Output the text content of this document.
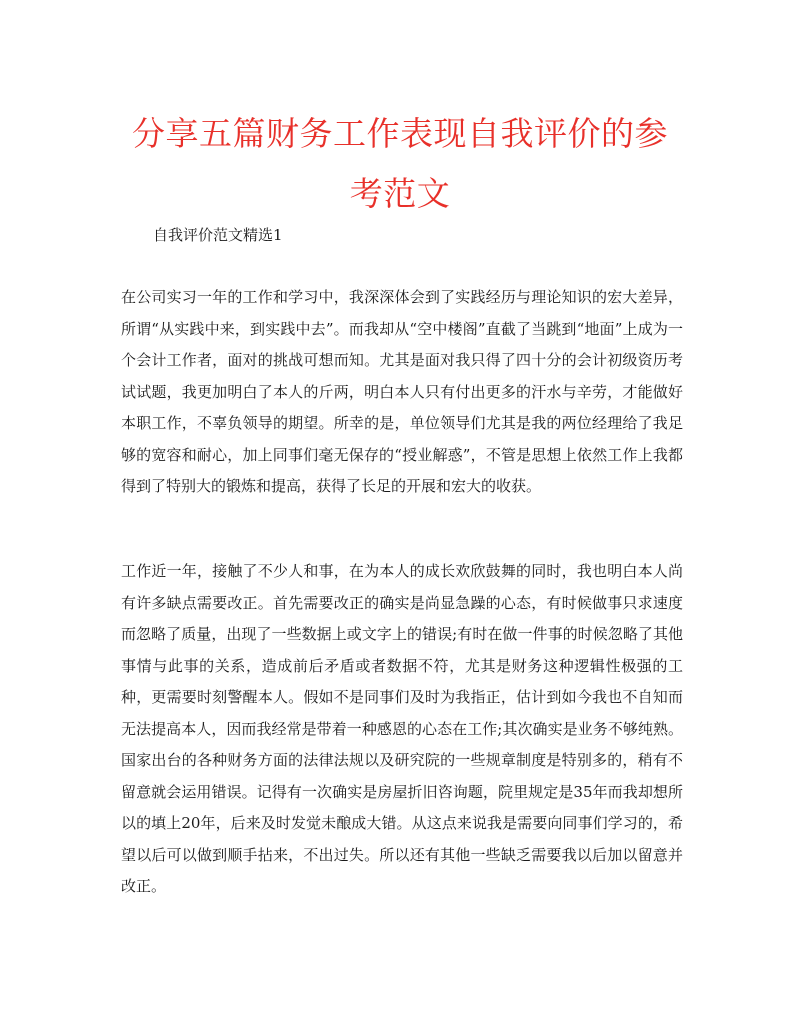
分享五篇财务工作表现自我评价的参考范文

自我评价范文精选1

在公司实习一年的工作和学习中，我深深体会到了实践经历与理论知识的宏大差异，所谓“从实践中来，到实践中去”。而我却从“空中楼阁”直截了当跳到“地面”上成为一个会计工作者，面对的挑战可想而知。尤其是面对我只得了四十分的会计初级资历考试试题，我更加明白了本人的斤两，明白本人只有付出更多的汗水与辛劳，才能做好本职工作，不辜负领导的期望。所幸的是，单位领导们尤其是我的两位经理给了我足够的宽容和耐心，加上同事们毫无保存的“授业解惑”，不管是思想上依然工作上我都得到了特别大的锻炼和提高，获得了长足的开展和宏大的收获。

工作近一年，接触了不少人和事，在为本人的成长欢欣鼓舞的同时，我也明白本人尚有许多缺点需要改正。首先需要改正的确实是尚显急躁的心态，有时候做事只求速度而忽略了质量，出现了一些数据上或文字上的错误;有时在做一件事的时候忽略了其他事情与此事的关系，造成前后矛盾或者数据不符，尤其是财务这种逻辑性极强的工种，更需要时刻警醒本人。假如不是同事们及时为我指正，估计到如今我也不自知而无法提高本人，因而我经常是带着一种感恩的心态在工作;其次确实是业务不够纯熟。国家出台的各种财务方面的法律法规以及研究院的一些规章制度是特别多的，稍有不留意就会运用错误。记得有一次确实是房屋折旧咨询题，院里规定是35年而我却想所以的填上20年，后来及时发觉未酿成大错。从这点来说我是需要向同事们学习的，希望以后可以做到顺手拈来，不出过失。所以还有其他一些缺乏需要我以后加以留意并改正。
